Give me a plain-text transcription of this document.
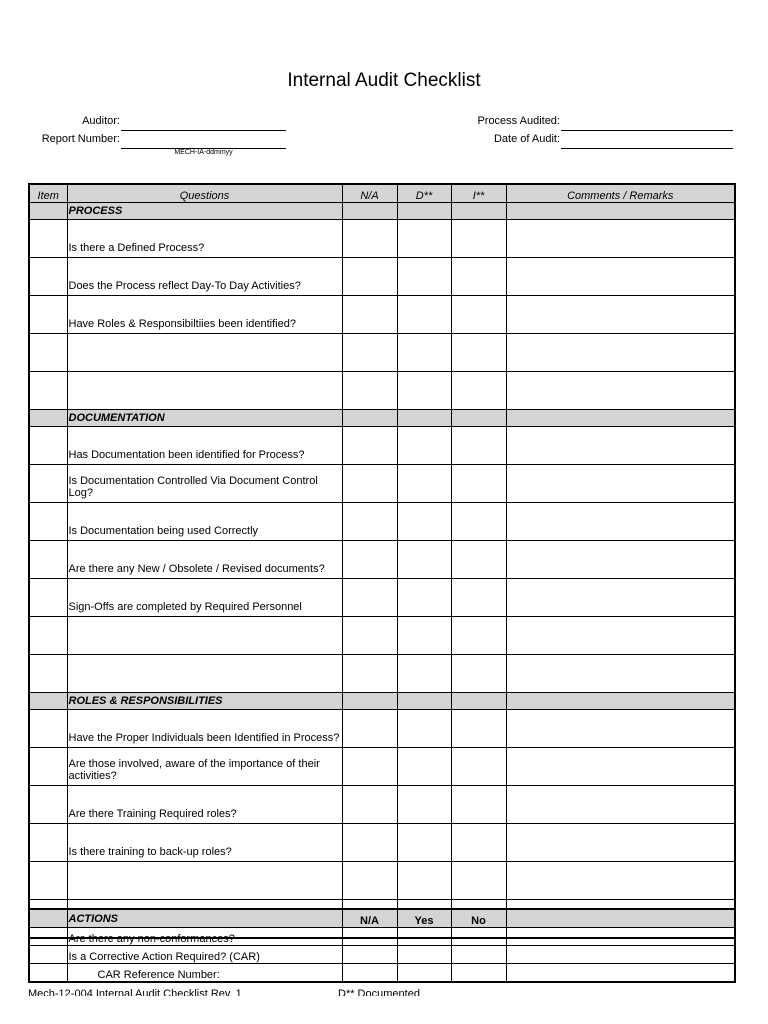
Internal Audit Checklist
Auditor:
Report Number:
MECH-IA-ddmmyy
Process Audited:
Date of Audit:
Item	Questions	N/A	D**	I**	Comments / Remarks
	PROCESS				
	Is there a Defined Process?				
	Does the Process reflect Day-To Day Activities?				
	Have Roles & Responsibiltiies been identified?				

	DOCUMENTATION				
	Has Documentation been identified for Process?				
	Is Documentation Controlled Via Document Control Log?				
	Is Documentation being used Correctly				
	Are there any New / Obsolete / Revised documents?				
	Sign-Offs are completed by Required Personnel				

	ROLES & RESPONSIBILITIES				
	Have the Proper Individuals been Identified in Process?				
	Are those involved, aware of the importance of their activities?				
	Are there Training Required roles?				
	Is there training to back-up roles?				

	ACTIONS	N/A	Yes	No	
	Are there any non-conformances?				
	Is a Corrective Action Required? (CAR)				
	CAR Reference Number:				
Mech-12-004 Internal Audit Checklist Rev. 1	D** Documented
